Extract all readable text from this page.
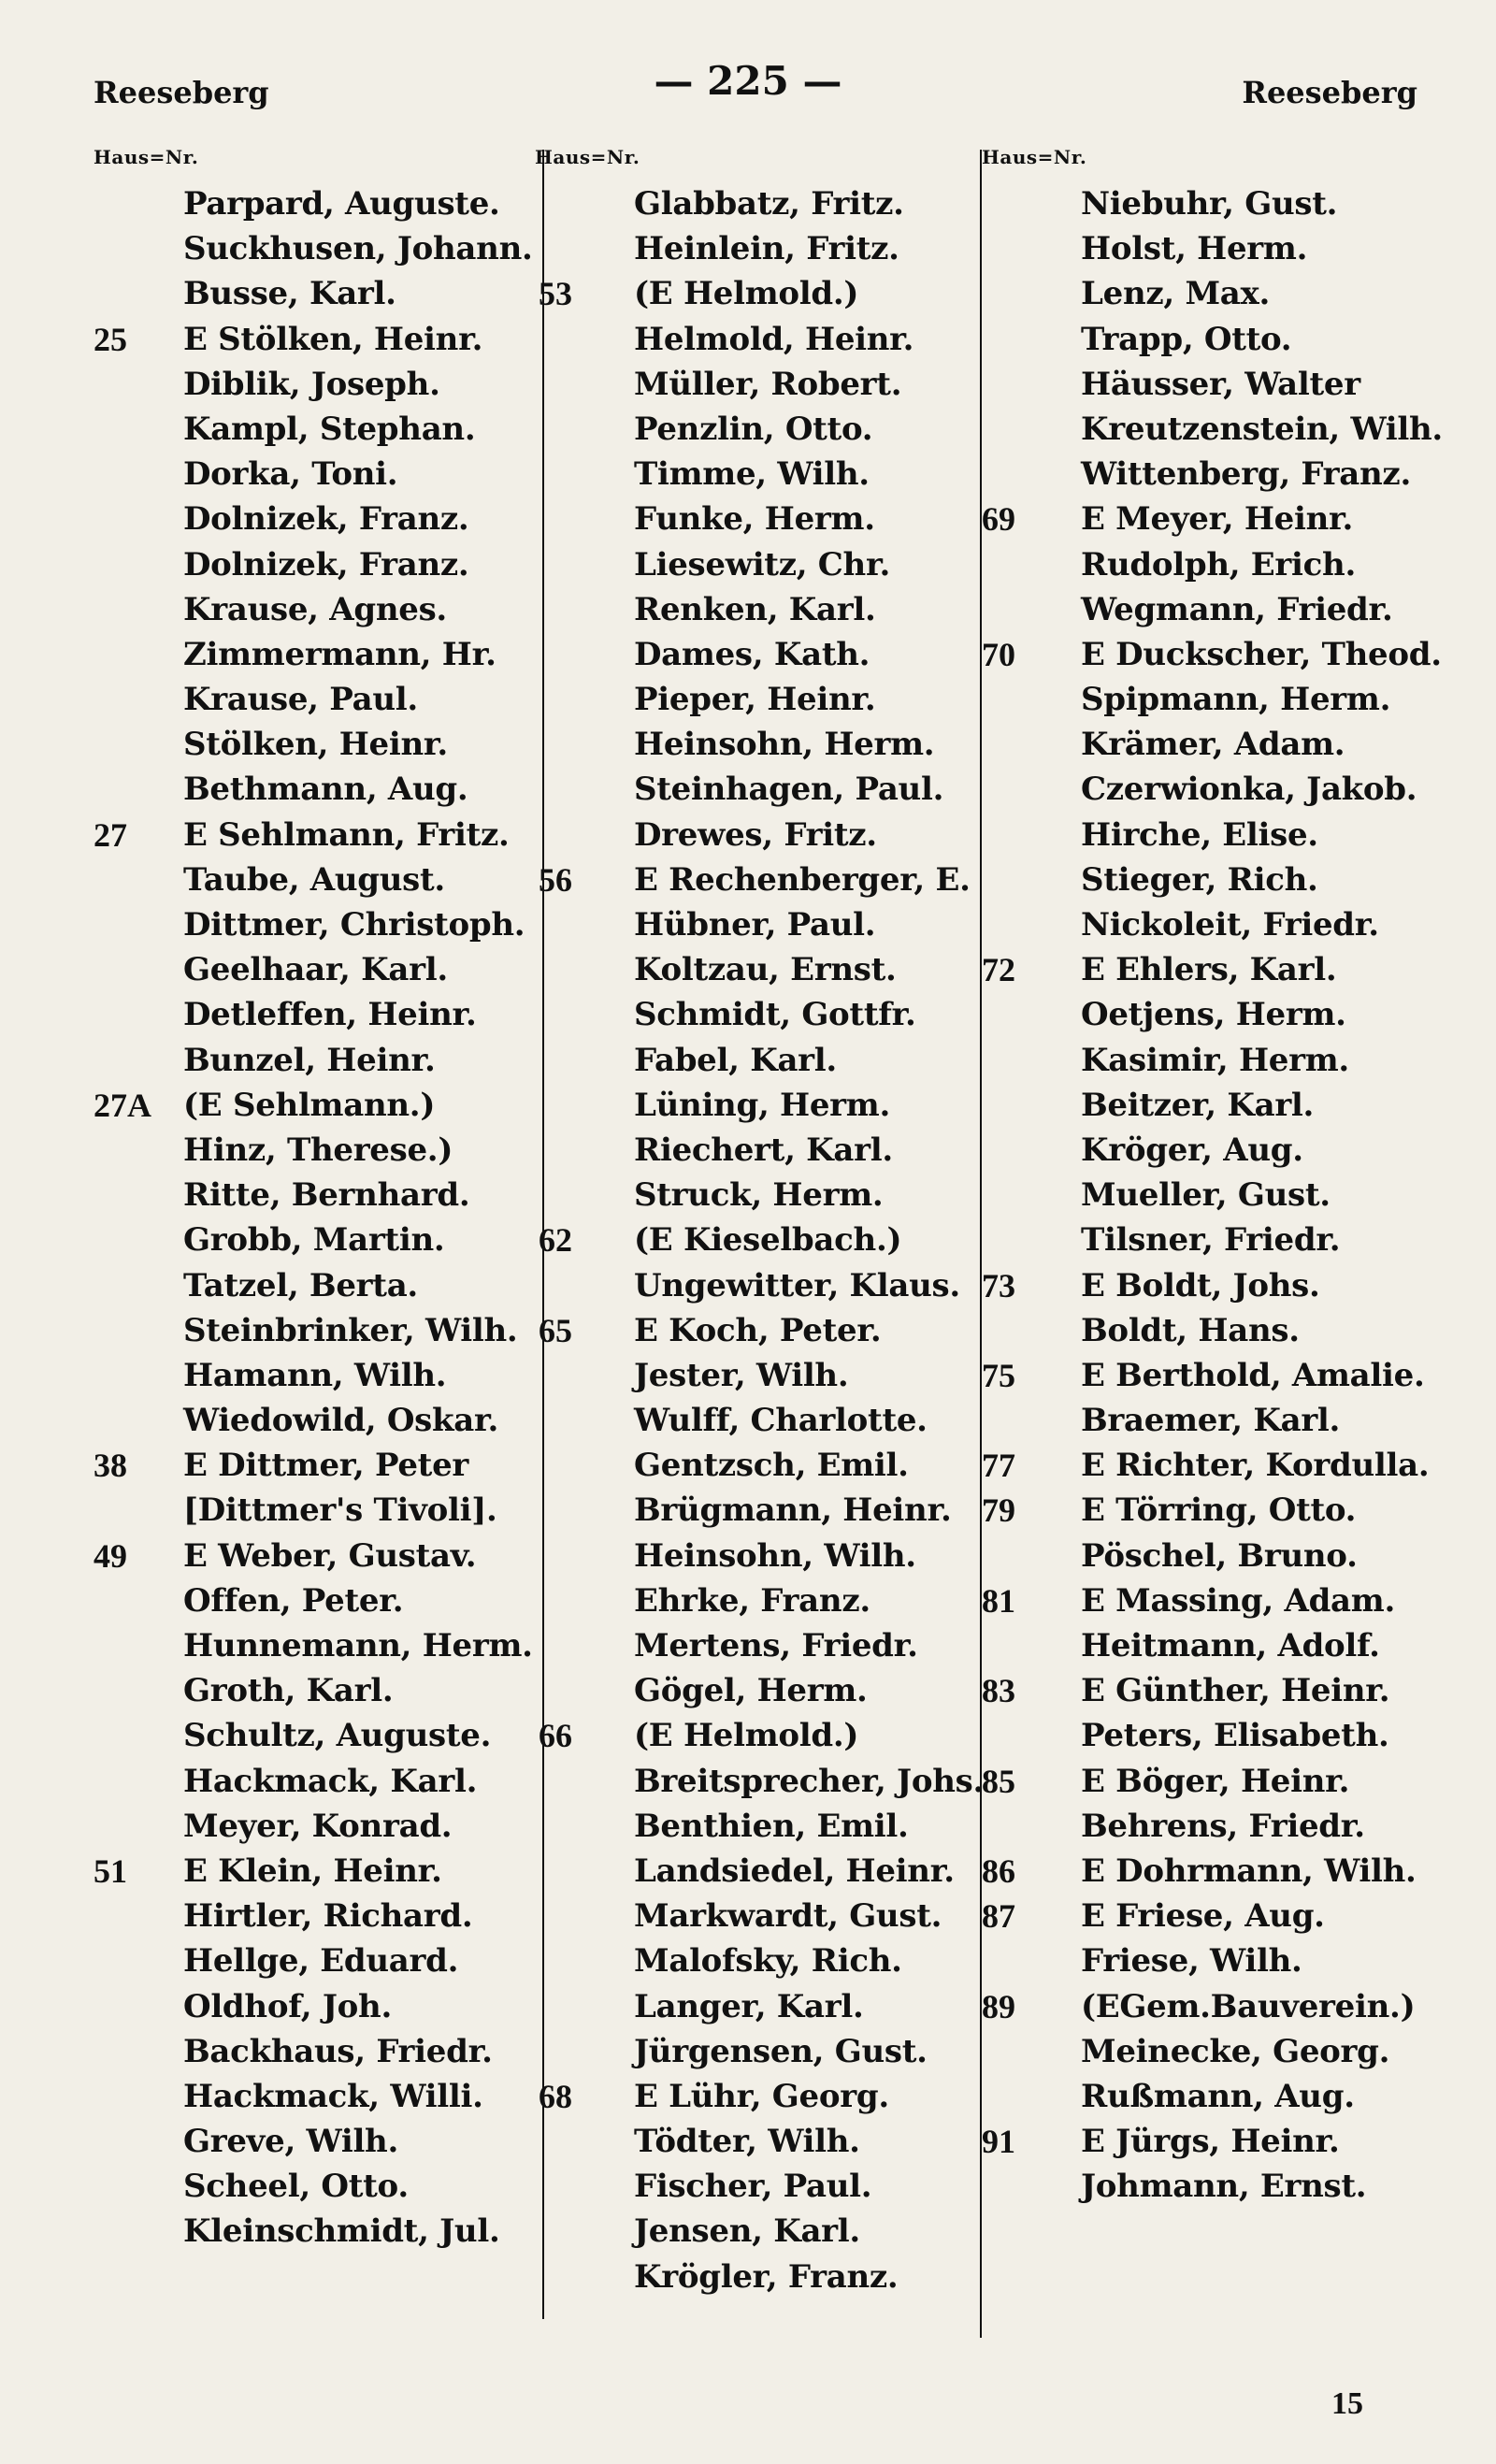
Reeseberg	— 225 —	Reeseberg
Haus=Nr.
Parpard, Auguste.
Suckhusen, Johann.
Busse, Karl.
25	E Stölken, Heinr.
Diblik, Joseph.
Kampl, Stephan.
Dorka, Toni.
Dolnizek, Franz.
Dolnizek, Franz.
Krause, Agnes.
Zimmermann, Hr.
Krause, Paul.
Stölken, Heinr.
Bethmann, Aug.
27	E Sehlmann, Fritz.
Taube, August.
Dittmer, Christoph.
Geelhaar, Karl.
Detleffen, Heinr.
Bunzel, Heinr.
27A	(E Sehlmann.)
Hinz, Therese.)
Ritte, Bernhard.
Grobb, Martin.
Tatzel, Berta.
Steinbrinker, Wilh.
Hamann, Wilh.
Wiedowild, Oskar.
38	E Dittmer, Peter
[Dittmer's Tivoli].
49	E Weber, Gustav.
Offen, Peter.
Hunnemann, Herm.
Groth, Karl.
Schultz, Auguste.
Hackmack, Karl.
Meyer, Konrad.
51	E Klein, Heinr.
Hirtler, Richard.
Hellge, Eduard.
Oldhof, Joh.
Backhaus, Friedr.
Hackmack, Willi.
Greve, Wilh.
Scheel, Otto.
Kleinschmidt, Jul.
Haus=Nr.
Glabbatz, Fritz.
Heinlein, Fritz.
53	(E Helmold.)
Helmold, Heinr.
Müller, Robert.
Penzlin, Otto.
Timme, Wilh.
Funke, Herm.
Liesewitz, Chr.
Renken, Karl.
Dames, Kath.
Pieper, Heinr.
Heinsohn, Herm.
Steinhagen, Paul.
Drewes, Fritz.
56	E Rechenberger, E.
Hübner, Paul.
Koltzau, Ernst.
Schmidt, Gottfr.
Fabel, Karl.
Lüning, Herm.
Riechert, Karl.
Struck, Herm.
62	(E Kieselbach.)
Ungewitter, Klaus.
65	E Koch, Peter.
Jester, Wilh.
Wulff, Charlotte.
Gentzsch, Emil.
Brügmann, Heinr.
Heinsohn, Wilh.
Ehrke, Franz.
Mertens, Friedr.
Gögel, Herm.
66	(E Helmold.)
Breitsprecher, Johs.
Benthien, Emil.
Landsiedel, Heinr.
Markwardt, Gust.
Malofsky, Rich.
Langer, Karl.
Jürgensen, Gust.
68	E Lühr, Georg.
Tödter, Wilh.
Fischer, Paul.
Jensen, Karl.
Krögler, Franz.
Haus=Nr.
Niebuhr, Gust.
Holst, Herm.
Lenz, Max.
Trapp, Otto.
Häusser, Walter
Kreutzenstein, Wilh.
Wittenberg, Franz.
69	E Meyer, Heinr.
Rudolph, Erich.
Wegmann, Friedr.
70	E Duckscher, Theod.
Spipmann, Herm.
Krämer, Adam.
Czerwionka, Jakob.
Hirche, Elise.
Stieger, Rich.
Nickoleit, Friedr.
72	E Ehlers, Karl.
Oetjens, Herm.
Kasimir, Herm.
Beitzer, Karl.
Kröger, Aug.
Mueller, Gust.
Tilsner, Friedr.
73	E Boldt, Johs.
Boldt, Hans.
75	E Berthold, Amalie.
Braemer, Karl.
77	E Richter, Kordulla.
79	E Törring, Otto.
Pöschel, Bruno.
81	E Massing, Adam.
Heitmann, Adolf.
83	E Günther, Heinr.
Peters, Elisabeth.
85	E Böger, Heinr.
Behrens, Friedr.
86	E Dohrmann, Wilh.
87	E Friese, Aug.
Friese, Wilh.
89	(EGem.Bauverein.)
Meinecke, Georg.
Rußmann, Aug.
91	E Jürgs, Heinr.
Johmann, Ernst.
15
